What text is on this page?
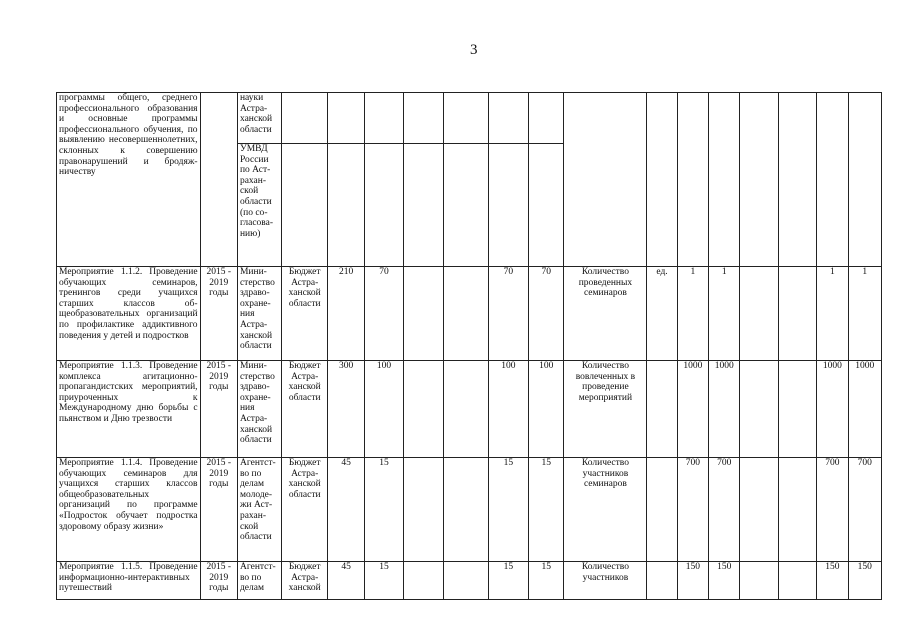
3
программы общего, среднего профессионального образования и основные программы профессионального обучения, по выявлению несовершеннолетних, склонных к совершению правонарушений и бродяжничеству		науки Астраханской области															
		УМВД России по Астраханской области (по согласованию)															
Мероприятие 1.1.2. Проведение обучающих семинаров, тренингов среди учащихся старших классов общеобразовательных организаций по профилактике аддиктивного поведения у детей и подростков	2015 - 2019 годы	Министерство здравоохранения Астраханской области	Бюджет Астраханской области	210	70			70	70	Количество проведенных семинаров	ед.	1	1			1	1
Мероприятие 1.1.3. Проведение комплекса агитационно-пропагандистских мероприятий, приуроченных к Международному дню борьбы с пьянством и Дню трезвости	2015 - 2019 годы	Министерство здравоохранения Астраханской области	Бюджет Астраханской области	300	100			100	100	Количество вовлеченных в проведение мероприятий		1000	1000			1000	1000
Мероприятие 1.1.4. Проведение обучающих семинаров для учащихся старших классов общеобразовательных организаций по программе «Подросток обучает подростка здоровому образу жизни»	2015 - 2019 годы	Агентство по делам молодежи Астраханской области	Бюджет Астраханской области	45	15			15	15	Количество участников семинаров		700	700			700	700

Мероприятие 1.1.5. Проведение информационно-интерактивных путешествий	2015 - 2019 годы	Агентство по делам	Бюджет Астраханской	45	15			15	15	Количество участников		150	150			150	150
